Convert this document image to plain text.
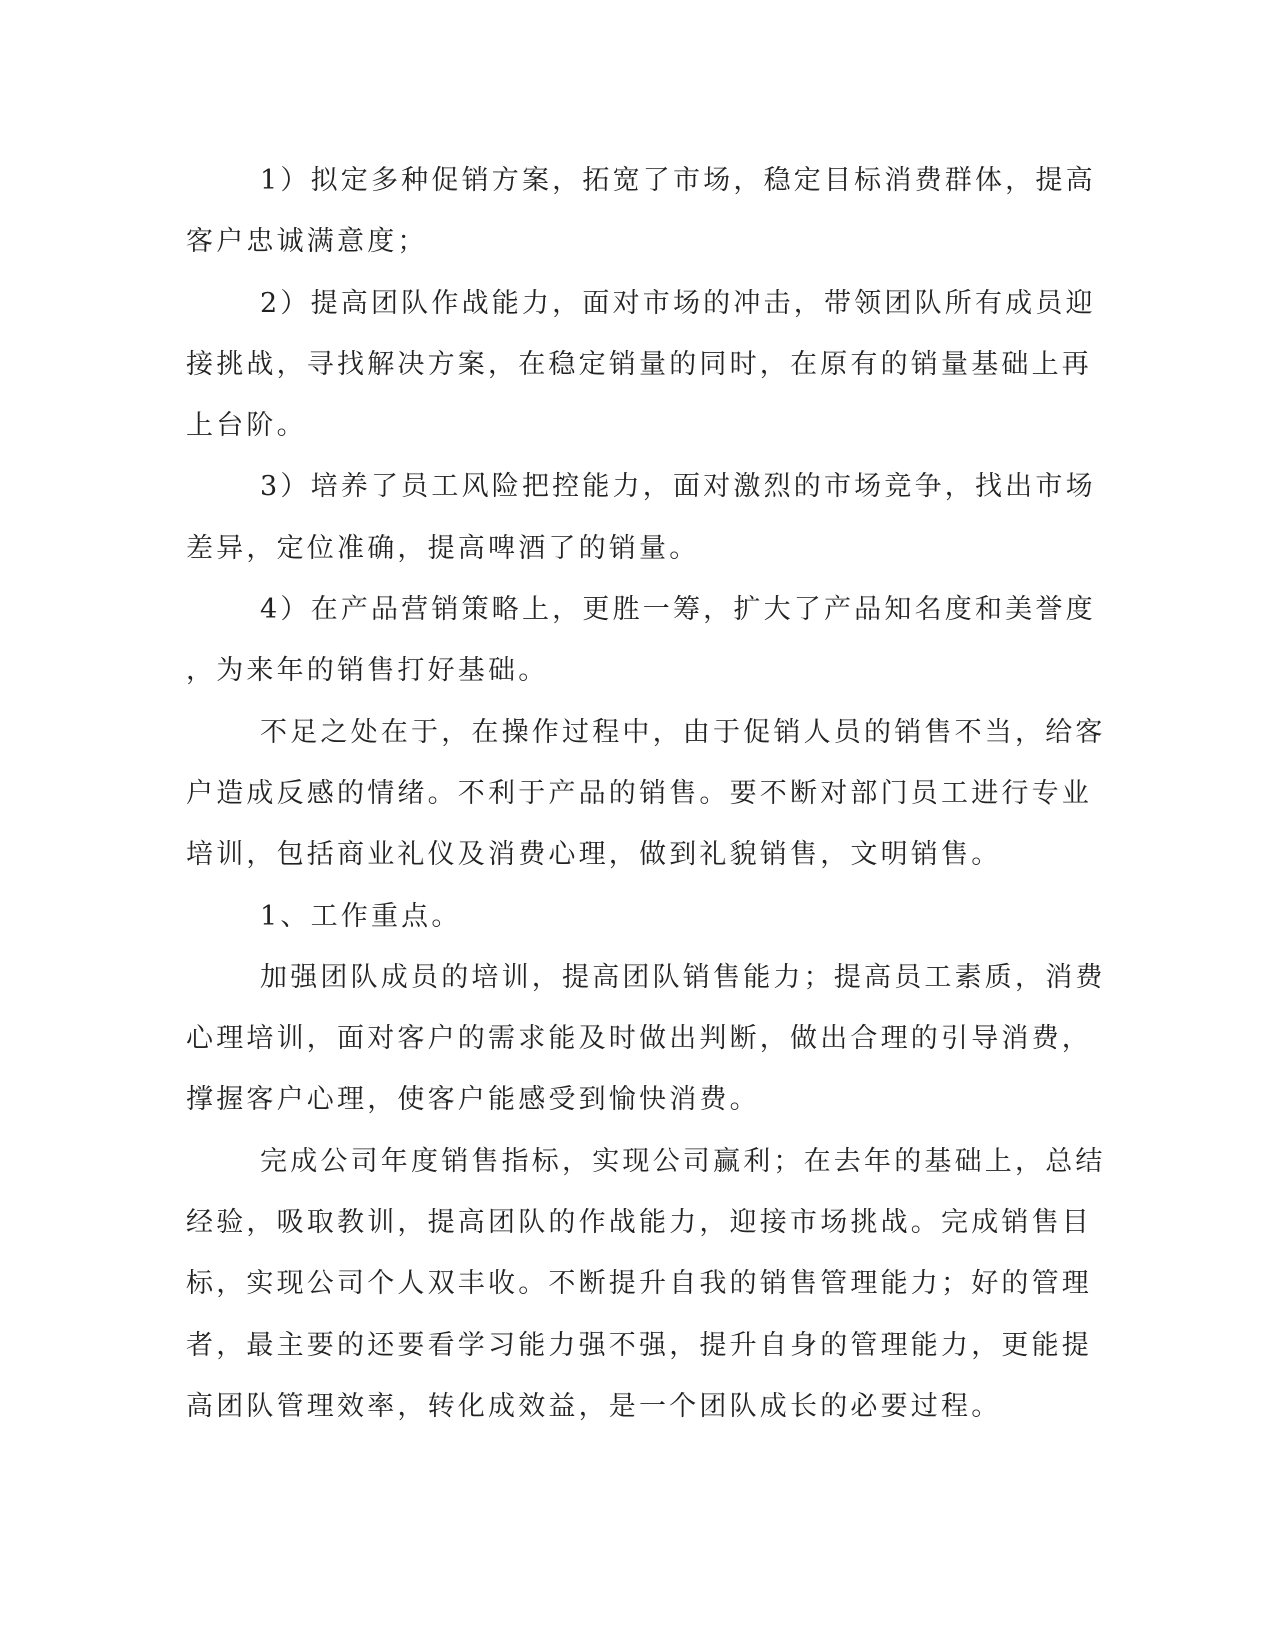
1）拟定多种促销方案，拓宽了市场，稳定目标消费群体，提高
客户忠诚满意度；

2）提高团队作战能力，面对市场的冲击，带领团队所有成员迎
接挑战，寻找解决方案，在稳定销量的同时，在原有的销量基础上再
上台阶。

3）培养了员工风险把控能力，面对激烈的市场竞争，找出市场
差异，定位准确，提高啤酒了的销量。

4）在产品营销策略上，更胜一筹，扩大了产品知名度和美誉度
，为来年的销售打好基础。

不足之处在于，在操作过程中，由于促销人员的销售不当，给客
户造成反感的情绪。不利于产品的销售。要不断对部门员工进行专业
培训，包括商业礼仪及消费心理，做到礼貌销售，文明销售。

1、工作重点。

加强团队成员的培训，提高团队销售能力；提高员工素质，消费
心理培训，面对客户的需求能及时做出判断，做出合理的引导消费，
撑握客户心理，使客户能感受到愉快消费。

完成公司年度销售指标，实现公司赢利；在去年的基础上，总结
经验，吸取教训，提高团队的作战能力，迎接市场挑战。完成销售目
标，实现公司个人双丰收。不断提升自我的销售管理能力；好的管理
者，最主要的还要看学习能力强不强，提升自身的管理能力，更能提
高团队管理效率，转化成效益，是一个团队成长的必要过程。
